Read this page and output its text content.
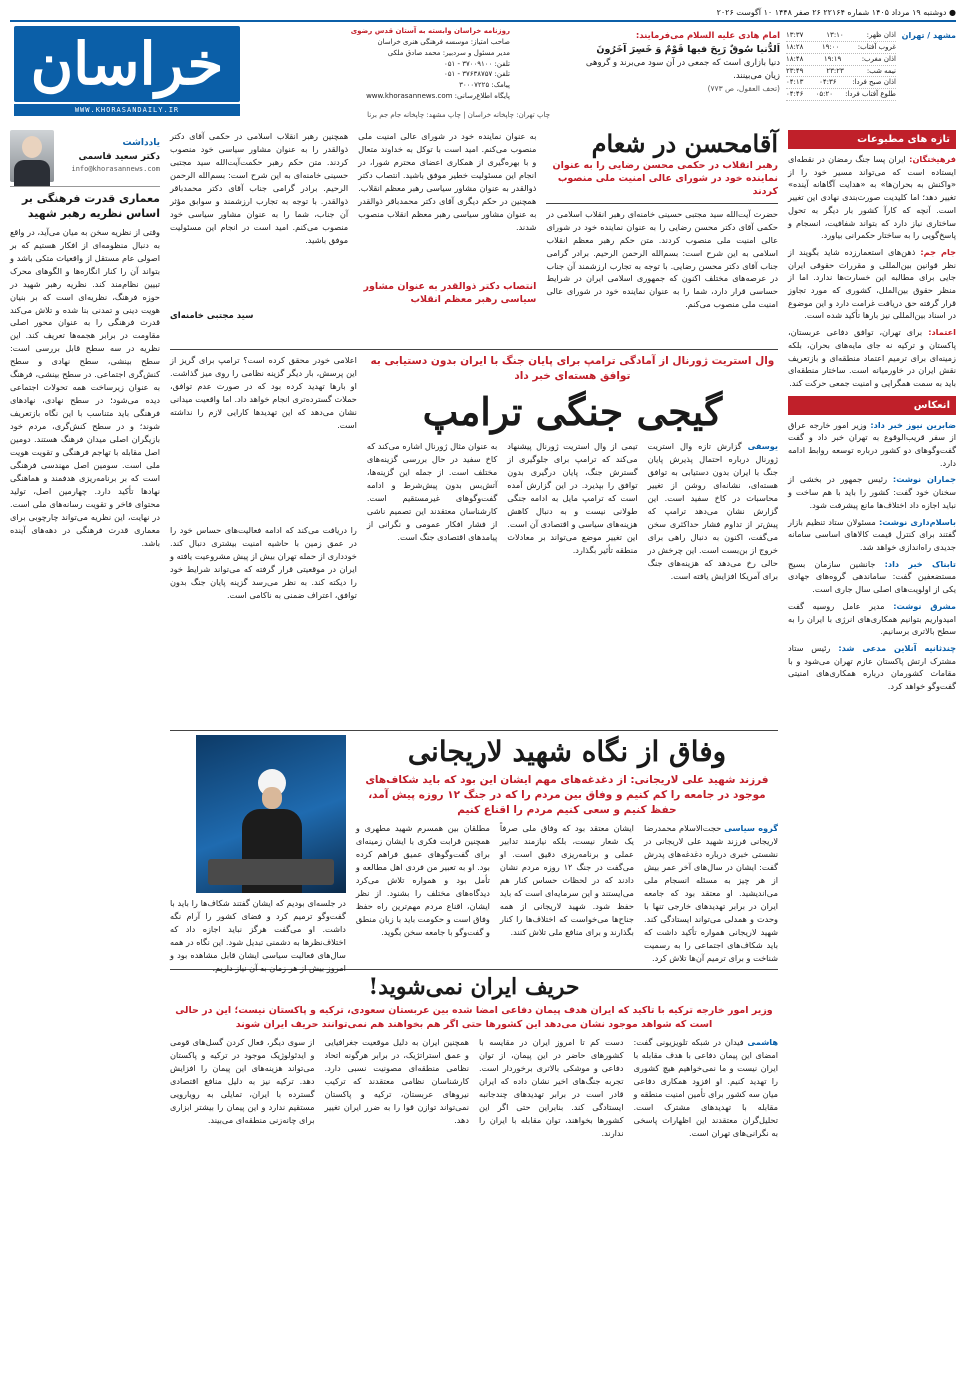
● دوشنبه ۱۹ مرداد ۱۴۰۵ شماره ۲۲۱۶۴ ۲۶ صفر ۱۴۴۸ ۱۰ آگوست ۲۰۲۶
مشهد / تهران
اذان ظهر:
۱۳:۱۰
۱۳:۳۷
غروب آفتاب:
۱۹:۰۰
۱۸:۲۸
اذان مغرب:
۱۹:۱۹
۱۸:۴۸
نیمه شب:
۲۳:۲۳
۲۳:۴۹
اذان صبح فردا:
۰۴:۳۶
۰۴:۱۳
طلوع آفتاب فردا:
۰۵:۲۰
۰۴:۴۶
امام هادی علیه السلام می‌فرمایند:
اَلدُّنیا سُوقٌ رَبِحَ فیها قَوْمٌ وَ خَسِرَ آخَرُونَ
دنیا بازاری است که جمعی در آن سود می‌برند و گروهی زیان می‌بینند.
(تحف العقول، ص ۷۷۳)
روزنامه خراسان وابسته به آستان قدس رضوی
صاحب امتیاز: موسسه فرهنگی هنری خراسان
مدیر مسئول و سردبیر: محمد صادق ملکی
تلفن: ۳۷۰۰۹۱۰۰ - ۰۵۱
تلفن: ۳۷۶۳۸۷۵۷ - ۰۵۱
پیامک: ۳۰۰۰۷۲۲۵
پایگاه اطلاع‌رسانی: www.khorasannews.com
خراسان
WWW.KHORASANDAILY.IR
چاپ تهران: چاپخانه خراسان | چاپ مشهد: چاپخانه جام جم برنا
تازه های مطبوعات
فرهیختگان: ایران پسا جنگ رمضان در نقطه‌ای ایستاده است که می‌تواند مسیر خود را از «واکنش به بحران‌ها» به «هدایت آگاهانه آینده» تغییر دهد؛ اما کلیدیت صورت‌بندی نهادی این تغییر است. آنچه که کارآ کشور بار دیگر به تحول ساختاری نیاز دارد که بتواند شفافیت، انسجام و پاسخ‌گویی را به ساختار حکمرانی بیاورد.
جام جم: ذهن‌های استعمارزده شاید بگویند از نظر قوانین بین‌المللی و مقررات حقوقی ایران جایی برای مطالبه این خسارت‌ها ندارد. اما از منظر حقوق بین‌الملل، کشوری که مورد تجاوز قرار گرفته حق دریافت غرامت دارد و این موضوع در اسناد بین‌المللی نیز بارها تأکید شده است.
اعتماد: برای تهران، توافق دفاعی عربستان، پاکستان و ترکیه نه جای مایه‌های بحران، بلکه زمینه‌ای برای ترمیم اعتماد منطقه‌ای و بازتعریف نقش ایران در خاورمیانه است. ساختار منطقه‌ای باید به سمت همگرایی و امنیت جمعی حرکت کند.
انعکاس
ضابرین نیوز خبر داد: وزیر امور خارجه عراق از سفر قریب‌الوقوع به تهران خبر داد و گفت گفت‌وگوهای دو کشور درباره توسعه روابط ادامه دارد.
جماران نوشت: رئیس جمهور در بخشی از سخنان خود گفت: کشور را باید با هم ساخت و نباید اجازه داد اختلاف‌ها مانع پیشرفت شود.
باسلام‌داری نوشت: مسئولان ستاد تنظیم بازار گفتند برای کنترل قیمت کالاهای اساسی سامانه جدیدی راه‌اندازی خواهد شد.
تابناک خبر داد: جانشین سازمان بسیج مستضعفین گفت: ساماندهی گروه‌های جهادی یکی از اولویت‌های اصلی سال جاری است.
مشرق نوشت: مدیر عامل روسیه گفت امیدواریم بتوانیم همکاری‌های انرژی با ایران را به سطح بالاتری برسانیم.
چندثانیه آنلاین مدعی شد: رئیس ستاد مشترک ارتش پاکستان عازم تهران می‌شود و با مقامات کشورمان درباره همکاری‌های امنیتی گفت‌وگو خواهد کرد.
یادداشت
دکتر سعید قاسمی
info@khorasannews.com
معماری قدرت فرهنگی بر اساس نظریه رهبر شهید
وقتی از نظریه سخن به میان می‌آید، در واقع به دنبال منظومه‌ای از افکار هستیم که بر اصولی عام مستقل از واقعیات متکی باشد و بتواند آن را کنار انگاره‌ها و الگوهای محرک تبیین نظام‌مند کند. نظریه رهبر شهید در حوزه فرهنگ، نظریه‌ای است که بر بنیان هویت دینی و تمدنی بنا شده و تلاش می‌کند قدرت فرهنگی را به عنوان محور اصلی مقاومت در برابر هجمه‌ها تعریف کند. این نظریه در سه سطح قابل بررسی است: سطح بینشی، سطح نهادی و سطح کنش‌گری اجتماعی. در سطح بینشی، فرهنگ به عنوان زیرساخت همه تحولات اجتماعی دیده می‌شود؛ در سطح نهادی، نهادهای فرهنگی باید متناسب با این نگاه بازتعریف شوند؛ و در سطح کنش‌گری، مردم خود بازیگران اصلی میدان فرهنگ هستند. دومین اصل مقابله با تهاجم فرهنگی و تقویت هویت ملی است. سومین اصل مهندسی فرهنگی است که بر برنامه‌ریزی هدفمند و هماهنگی نهادها تأکید دارد. چهارمین اصل، تولید محتوای فاخر و تقویت رسانه‌های ملی است. در نهایت، این نظریه می‌تواند چارچوبی برای معماری قدرت فرهنگی در دهه‌های آینده باشد.
آقامحسن در شعام
رهبر انقلاب در حکمی محسن رضایی را به عنوان نماینده خود در شورای عالی امنیت ملی منصوب کردند
حضرت آیت‌الله سید مجتبی حسینی خامنه‌ای رهبر انقلاب اسلامی در حکمی آقای دکتر محسن رضایی را به عنوان نماینده خود در شورای عالی امنیت ملی منصوب کردند. متن حکم رهبر معظم انقلاب اسلامی به این شرح است: بسم‌الله الرحمن الرحیم. برادر گرامی جناب آقای دکتر محسن رضایی. با توجه به تجارب ارزشمند آن جناب در عرصه‌های مختلف اکنون که جمهوری اسلامی ایران در شرایط حساسی قرار دارد، شما را به عنوان نماینده خود در شورای عالی امنیت ملی منصوب می‌کنم.
به عنوان نماینده خود در شورای عالی امنیت ملی منصوب می‌کنم. امید است با توکل به خداوند متعال و با بهره‌گیری از همکاری اعضای محترم شورا، در انجام این مسئولیت خطیر موفق باشید. انتصاب دکتر ذوالقدر به عنوان مشاور سیاسی رهبر معظم انقلاب. همچنین در حکم دیگری آقای دکتر محمدباقر ذوالقدر به عنوان مشاور سیاسی رهبر معظم انقلاب منصوب شدند.
انتصاب دکتر ذوالقدر به عنوان مشاور سیاسی رهبر معظم انقلاب
همچنین رهبر انقلاب اسلامی در حکمی آقای دکتر ذوالقدر را به عنوان مشاور سیاسی خود منصوب کردند. متن حکم رهبر حکمت‌آیت‌الله سید مجتبی حسینی خامنه‌ای به این شرح است: بسم‌الله الرحمن الرحیم. برادر گرامی جناب آقای دکتر محمدباقر ذوالقدر. با توجه به تجارب ارزشمند و سوابق مؤثر آن جناب، شما را به عنوان مشاور سیاسی خود منصوب می‌کنم. امید است در انجام این مسئولیت موفق باشید.
سید مجتبی خامنه‌ای
وال استریت ژورنال از آمادگی ترامپ برای پایان جنگ با ایران بدون دستیابی به توافق هسته‌ای خبر داد
گیجی جنگی ترامپ
یوسفی گزارش تازه وال استریت ژورنال درباره احتمال پذیرش پایان جنگ با ایران بدون دستیابی به توافق هسته‌ای، نشانه‌ای روشن از تغییر محاسبات در کاخ سفید است. این گزارش نشان می‌دهد ترامپ که پیش‌تر از تداوم فشار حداکثری سخن می‌گفت، اکنون به دنبال راهی برای خروج از بن‌بست است. این چرخش در حالی رخ می‌دهد که هزینه‌های جنگ برای آمریکا افزایش یافته است.
تیمی از وال استریت ژورنال پیشنهاد می‌کند که ترامپ برای جلوگیری از گسترش جنگ، پایان درگیری بدون توافق را بپذیرد. در این گزارش آمده است که ترامپ مایل به ادامه جنگی طولانی نیست و به دنبال کاهش هزینه‌های سیاسی و اقتصادی آن است. این تغییر موضع می‌تواند بر معادلات منطقه تأثیر بگذارد.
به عنوان مثال ژورنال اشاره می‌کند که کاخ سفید در حال بررسی گزینه‌های مختلف است. از جمله این گزینه‌ها، آتش‌بس بدون پیش‌شرط و ادامه گفت‌وگوهای غیرمستقیم است. کارشناسان معتقدند این تصمیم ناشی از فشار افکار عمومی و نگرانی از پیامدهای اقتصادی جنگ است.
اعلامی خودر محقق کرده است؟ ترامپ برای گریز از این پرسش، بار دیگر گزینه نظامی را روی میز گذاشت. او بارها تهدید کرده بود که در صورت عدم توافق، حملات گسترده‌تری انجام خواهد داد. اما واقعیت میدانی نشان می‌دهد که این تهدیدها کارایی لازم را نداشته است.
را دریافت می‌کند که ادامه فعالیت‌های حساس خود را در عمق زمین با حاشیه امنیت بیشتری دنبال کند. خودداری از حمله تهران بیش از پیش مشروعیت یافته و ایران در موقعیتی قرار گرفته که می‌تواند شرایط خود را دیکته کند. به نظر می‌رسد گزینه پایان جنگ بدون توافق، اعتراف ضمنی به ناکامی است.
وفاق از نگاه شهید لاریجانی
فرزند شهید علی لاریجانی: از دغدغه‌های مهم ایشان این بود که باید شکاف‌های موجود در جامعه را کم کنیم و وفاق بین مردم را که در جنگ ۱۲ روزه پیش آمد، حفظ کنیم و سعی کنیم مردم را اقناع کنیم
گروه سیاسی حجت‌الاسلام محمدرضا لاریجانی فرزند شهید علی لاریجانی در نشستی خبری درباره دغدغه‌های پدرش گفت: ایشان در سال‌های آخر عمر بیش از هر چیز به مسئله انسجام ملی می‌اندیشید. او معتقد بود که جامعه ایران در برابر تهدیدهای خارجی تنها با وحدت و همدلی می‌تواند ایستادگی کند. شهید لاریجانی همواره تأکید داشت که باید شکاف‌های اجتماعی را به رسمیت شناخت و برای ترمیم آن‌ها تلاش کرد.
ایشان معتقد بود که وفاق ملی صرفاً یک شعار نیست، بلکه نیازمند تدابیر عملی و برنامه‌ریزی دقیق است. او می‌گفت در جنگ ۱۲ روزه مردم نشان دادند که در لحظات حساس کنار هم می‌ایستند و این سرمایه‌ای است که باید حفظ شود. شهید لاریجانی از همه جناح‌ها می‌خواست که اختلاف‌ها را کنار بگذارند و برای منافع ملی تلاش کنند.
مطلقان بین همسرم شهید مطهری و همچنین قرابت فکری با ایشان زمینه‌ای برای گفت‌وگوهای عمیق فراهم کرده بود. او به تعبیر من فردی اهل مطالعه و تأمل بود و همواره تلاش می‌کرد دیدگاه‌های مختلف را بشنود. از نظر ایشان، اقناع مردم مهم‌ترین راه حفظ وفاق است و حکومت باید با زبان منطق و گفت‌وگو با جامعه سخن بگوید.
در جلسه‌ای بودیم که ایشان گفتند شکاف‌ها را باید با گفت‌وگو ترمیم کرد و فضای کشور را آرام نگه داشت. او می‌گفت هرگز نباید اجازه داد که اختلاف‌نظرها به دشمنی تبدیل شود. این نگاه در همه سال‌های فعالیت سیاسی ایشان قابل مشاهده بود و امروز بیش از هر زمان به آن نیاز داریم.
حریف ایران نمی‌شوید!
وزیر امور خارجه ترکیه با تاکید که ایران هدف پیمان دفاعی امضا شده بین عربستان سعودی، ترکیه و پاکستان نیست؛ این در حالی است که شواهد موجود نشان می‌دهد این کشورها حتی اگر هم بخواهند هم نمی‌توانند حریف ایران شوند
هاشمی فیدان در شبکه تلویزیونی گفت: امضای این پیمان دفاعی با هدف مقابله با ایران نیست و ما نمی‌خواهیم هیچ کشوری را تهدید کنیم. او افزود همکاری دفاعی میان سه کشور برای تأمین امنیت منطقه و مقابله با تهدیدهای مشترک است. تحلیل‌گران معتقدند این اظهارات پاسخی به نگرانی‌های تهران است.
دست کم تا امروز ایران در مقایسه با کشورهای حاضر در این پیمان، از توان دفاعی و موشکی بالاتری برخوردار است. تجربه جنگ‌های اخیر نشان داده که ایران قادر است در برابر تهدیدهای چندجانبه ایستادگی کند. بنابراین حتی اگر این کشورها بخواهند، توان مقابله با ایران را ندارند.
همچنین ایران به دلیل موقعیت جغرافیایی و عمق استراتژیک، در برابر هرگونه اتحاد نظامی منطقه‌ای مصونیت نسبی دارد. کارشناسان نظامی معتقدند که ترکیب نیروهای عربستان، ترکیه و پاکستان نمی‌تواند توازن قوا را به ضرر ایران تغییر دهد.
از سوی دیگر، فعال کردن گسل‌های قومی و ایدئولوژیک موجود در ترکیه و پاکستان می‌تواند هزینه‌های این پیمان را افزایش دهد. ترکیه نیز به دلیل منافع اقتصادی گسترده با ایران، تمایلی به رویارویی مستقیم ندارد و این پیمان را بیشتر ابزاری برای چانه‌زنی منطقه‌ای می‌بیند.
